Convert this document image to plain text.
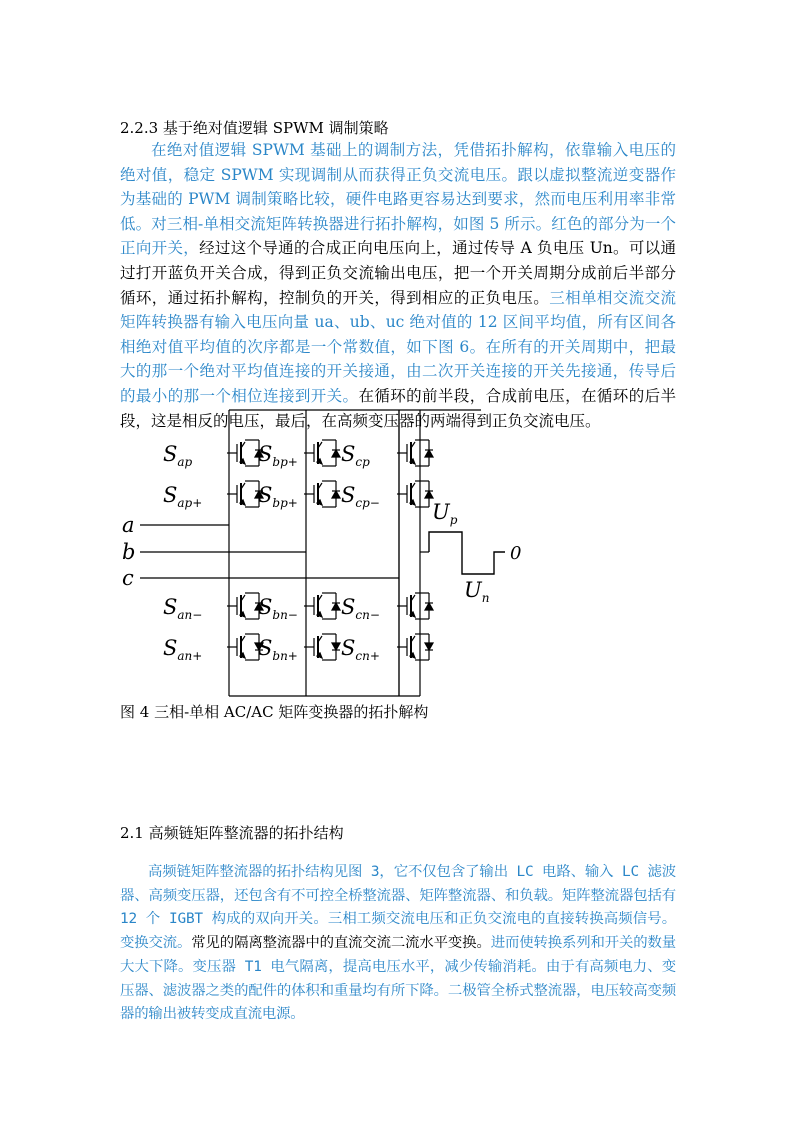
2.2.3 基于绝对值逻辑 SPWM 调制策略
在绝对值逻辑 SPWM 基础上的调制方法，凭借拓扑解构，依靠输入电压的绝对值，稳定 SPWM 实现调制从而获得正负交流电压。跟以虚拟整流逆变器作为基础的 PWM 调制策略比较，硬件电路更容易达到要求，然而电压利用率非常低。对三相-单相交流矩阵转换器进行拓扑解构，如图 5 所示。红色的部分为一个正向开关，经过这个导通的合成正向电压向上，通过传导 A 负电压 Un。可以通过打开蓝负开关合成，得到正负交流输出电压，把一个开关周期分成前后半部分循环，通过拓扑解构，控制负的开关，得到相应的正负电压。三相单相交流交流矩阵转换器有输入电压向量 ua、ub、uc 绝对值的 12 区间平均值，所有区间各相绝对值平均值的次序都是一个常数值，如下图 6。在所有的开关周期中，把最大的那一个绝对平均值连接的开关接通，由二次开关连接的开关先接通，传导后的最小的那一个相位连接到开关。在循环的前半段，合成前电压，在循环的后半段，这是相反的电压，最后，在高频变压器的两端得到正负交流电压。
$S_{ap}$	$S_{bp+}$ $S_{cp}$
$S_{ap+}$	$S_{bp+}$ $S_{cp-}$
$S_{an-}$	$S_{bn-}$ $S_{cn-}$
$S_{an+}$	$S_{bn+}$ $S_{cn+}$
a
b
c
$U_p$
$U_n$
0
图 4 三相-单相 AC/AC 矩阵变换器的拓扑解构
2.1 高频链矩阵整流器的拓扑结构
高频链矩阵整流器的拓扑结构见图 3，它不仅包含了输出 LC 电路、输入 LC 滤波器、高频变压器，还包含有不可控全桥整流器、矩阵整流器、和负载。矩阵整流器包括有 12 个 IGBT 构成的双向开关。三相工频交流电压和正负交流电的直接转换高频信号。变换交流。常见的隔离整流器中的直流交流二流水平变换。进而使转换系列和开关的数量大大下降。变压器 T1 电气隔离，提高电压水平，减少传输消耗。由于有高频电力、变压器、滤波器之类的配件的体积和重量均有所下降。二极管全桥式整流器，电压较高变频器的输出被转变成直流电源。
